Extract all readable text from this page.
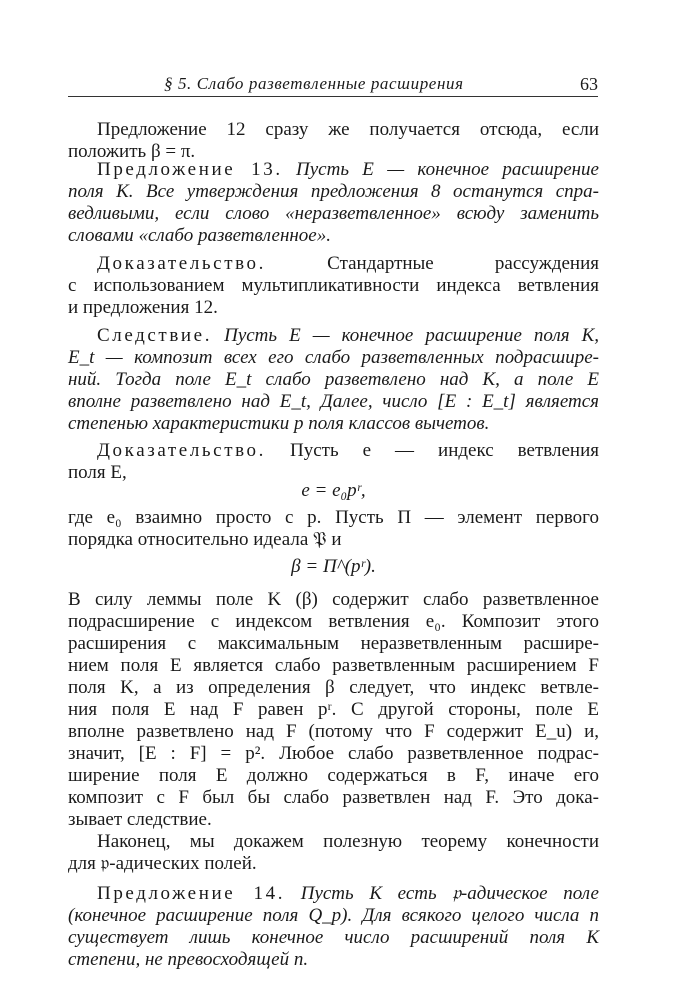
§ 5. Слабо разветвленные расширения	63
Предложение 12 сразу же получается отсюда, если
положить β = π.
Предложение 13. Пусть E — конечное расширение
поля K. Все утверждения предложения 8 останутся спра-
ведливыми, если слово «неразветвленное» всюду заменить
словами «слабо разветвленное».
Доказательство.	Стандартные рассуждения
с использованием мультипликативности индекса ветвления
и предложения 12.
Следствие. Пусть E — конечное расширение поля K,
E_t — композит всех его слабо разветвленных подрасшире-
ний. Тогда поле E_t слабо разветвлено над K, а поле E
вполне разветвлено над E_t, Далее, число [E : E_t] является
степенью характеристики p поля классов вычетов.
Доказательство. Пусть e — индекс ветвления
поля E,
e = e₀pʳ,
где e₀ взаимно просто с p. Пусть Π — элемент первого
порядка относительно идеала 𝔓 и
β = Π^(pʳ).
В силу леммы поле K (β) содержит слабо разветвленное
подрасширение с индексом ветвления e₀. Композит этого
расширения с максимальным неразветвленным расшире-
нием поля E является слабо разветвленным расширением F
поля K, а из определения β следует, что индекс ветвле-
ния поля E над F равен pʳ. С другой стороны, поле E
вполне разветвлено над F (потому что F содержит E_u) и,
значит, [E : F] = p². Любое слабо разветвленное подрас-
ширение поля E должно содержаться в F, иначе его
композит с F был бы слабо разветвлен над F. Это дока-
зывает следствие.
Наконец, мы докажем полезную теорему конечности
для 𝔭-адических полей.
Предложение 14. Пусть K есть 𝔭-адическое поле
(конечное расширение поля Q_p). Для всякого целого числа n
существует лишь конечное число расширений поля K
степени, не превосходящей n.
